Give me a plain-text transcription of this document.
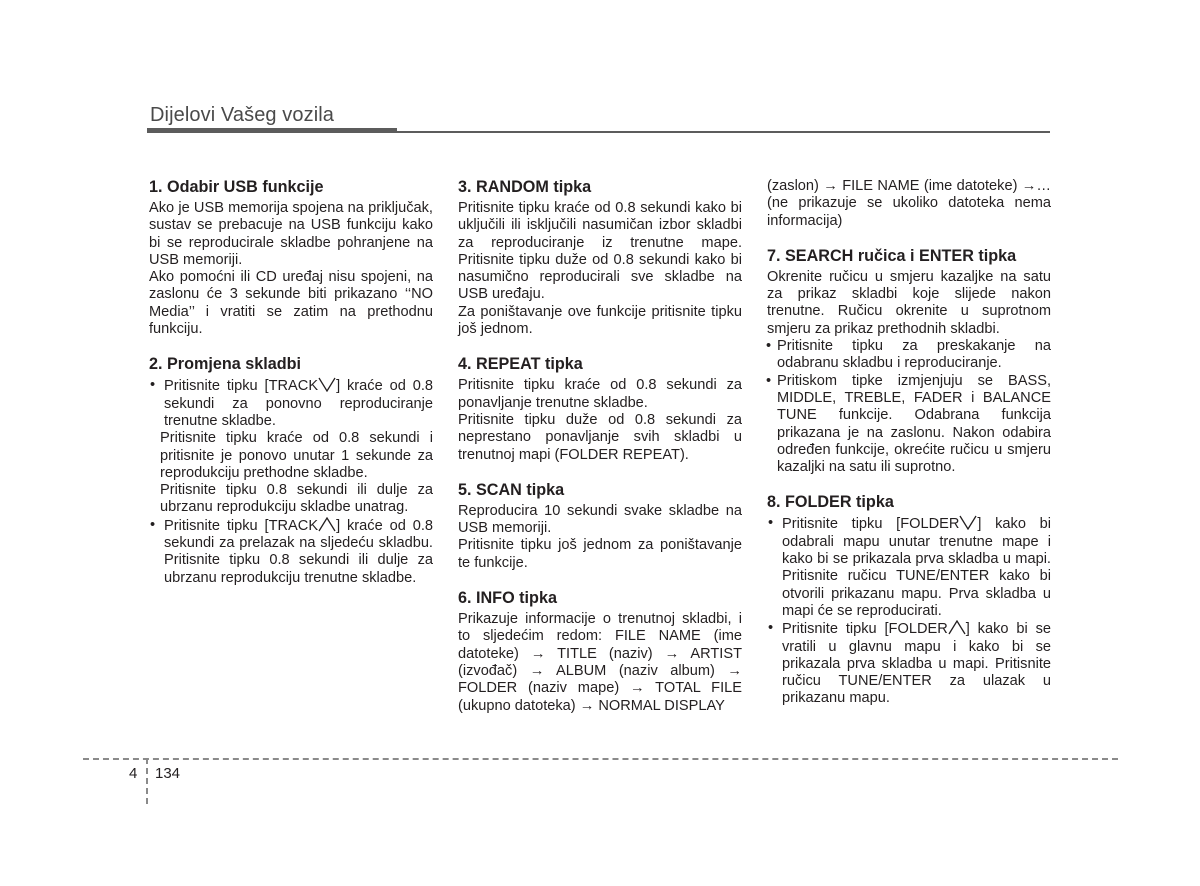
Dijelovi Vašeg vozila
1. Odabir USB funkcije

Ako je USB memorija spojena na priključak, sustav se prebacuje na USB funkciju kako bi se reproducirale skladbe pohranjene na USB memoriji.

Ako pomoćni ili CD uređaj nisu spojeni, na zaslonu će 3 sekunde biti prikazano ‘‘NO Media’’ i vratiti se zatim na prethodnu funkciju.

2. Promjena skladbi

• Pritisnite tipku [TRACK ] kraće od 0.8 sekundi za ponovno reproduciranje trenutne skladbe.

Pritisnite tipku kraće od 0.8 sekundi i pritisnite je ponovo unutar 1 sekunde za reprodukciju prethodne skladbe.

Pritisnite tipku 0.8 sekundi ili dulje za ubrzanu reprodukciju skladbe unatrag.

• Pritisnite tipku [TRACK ] kraće od 0.8 sekundi za prelazak na sljedeću skladbu. Pritisnite tipku 0.8 sekundi ili dulje za ubrzanu reprodukciju trenutne skladbe.

3. RANDOM tipka

Pritisnite tipku kraće od 0.8 sekundi kako bi uključili ili isključili nasumičan izbor skladbi za reproduciranje iz trenutne mape. Pritisnite tipku duže od 0.8 sekundi kako bi nasumično reproducirali sve skladbe na USB uređaju.

Za poništavanje ove funkcije pritisnite tipku još jednom.

4. REPEAT tipka

Pritisnite tipku kraće od 0.8 sekundi za ponavljanje trenutne skladbe.

Pritisnite tipku duže od 0.8 sekundi za neprestano ponavljanje svih skladbi u trenutnoj mapi (FOLDER REPEAT).

5. SCAN tipka

Reproducira 10 sekundi svake skladbe na USB memoriji.

Pritisnite tipku još jednom za poništavanje te funkcije.

6. INFO tipka

Prikazuje informacije o trenutnoj skladbi, i to sljedećim redom: FILE NAME (ime datoteke) → TITLE (naziv) → ARTIST (izvođač) → ALBUM (naziv album) → FOLDER (naziv mape) → TOTAL FILE (ukupno datoteka) → NORMAL DISPLAY

(zaslon) → FILE NAME (ime datoteke) →… (ne prikazuje se ukoliko datoteka nema informacija)

7. SEARCH ručica i ENTER tipka

Okrenite ručicu u smjeru kazaljke na satu za prikaz skladbi koje slijede nakon trenutne. Ručicu okrenite u suprotnom smjeru za prikaz prethodnih skladbi.

• Pritisnite tipku za preskakanje na odabranu skladbu i reproduciranje.

• Pritiskom tipke izmjenjuju se BASS, MIDDLE, TREBLE, FADER i BALANCE TUNE funkcije. Odabrana funkcija prikazana je na zaslonu. Nakon odabira određen funkcije, okrećite ručicu u smjeru kazaljki na satu ili suprotno.

8. FOLDER tipka

• Pritisnite tipku [FOLDER ] kako bi odabrali mapu unutar trenutne mape i kako bi se prikazala prva skladba u mapi. Pritisnite ručicu TUNE/ENTER kako bi otvorili prikazanu mapu. Prva skladba u mapi će se reproducirati.

• Pritisnite tipku [FOLDER ] kako bi se vratili u glavnu mapu i kako bi se prikazala prva skladba u mapi. Pritisnite ručicu TUNE/ENTER za ulazak u prikazanu mapu.

4 134
